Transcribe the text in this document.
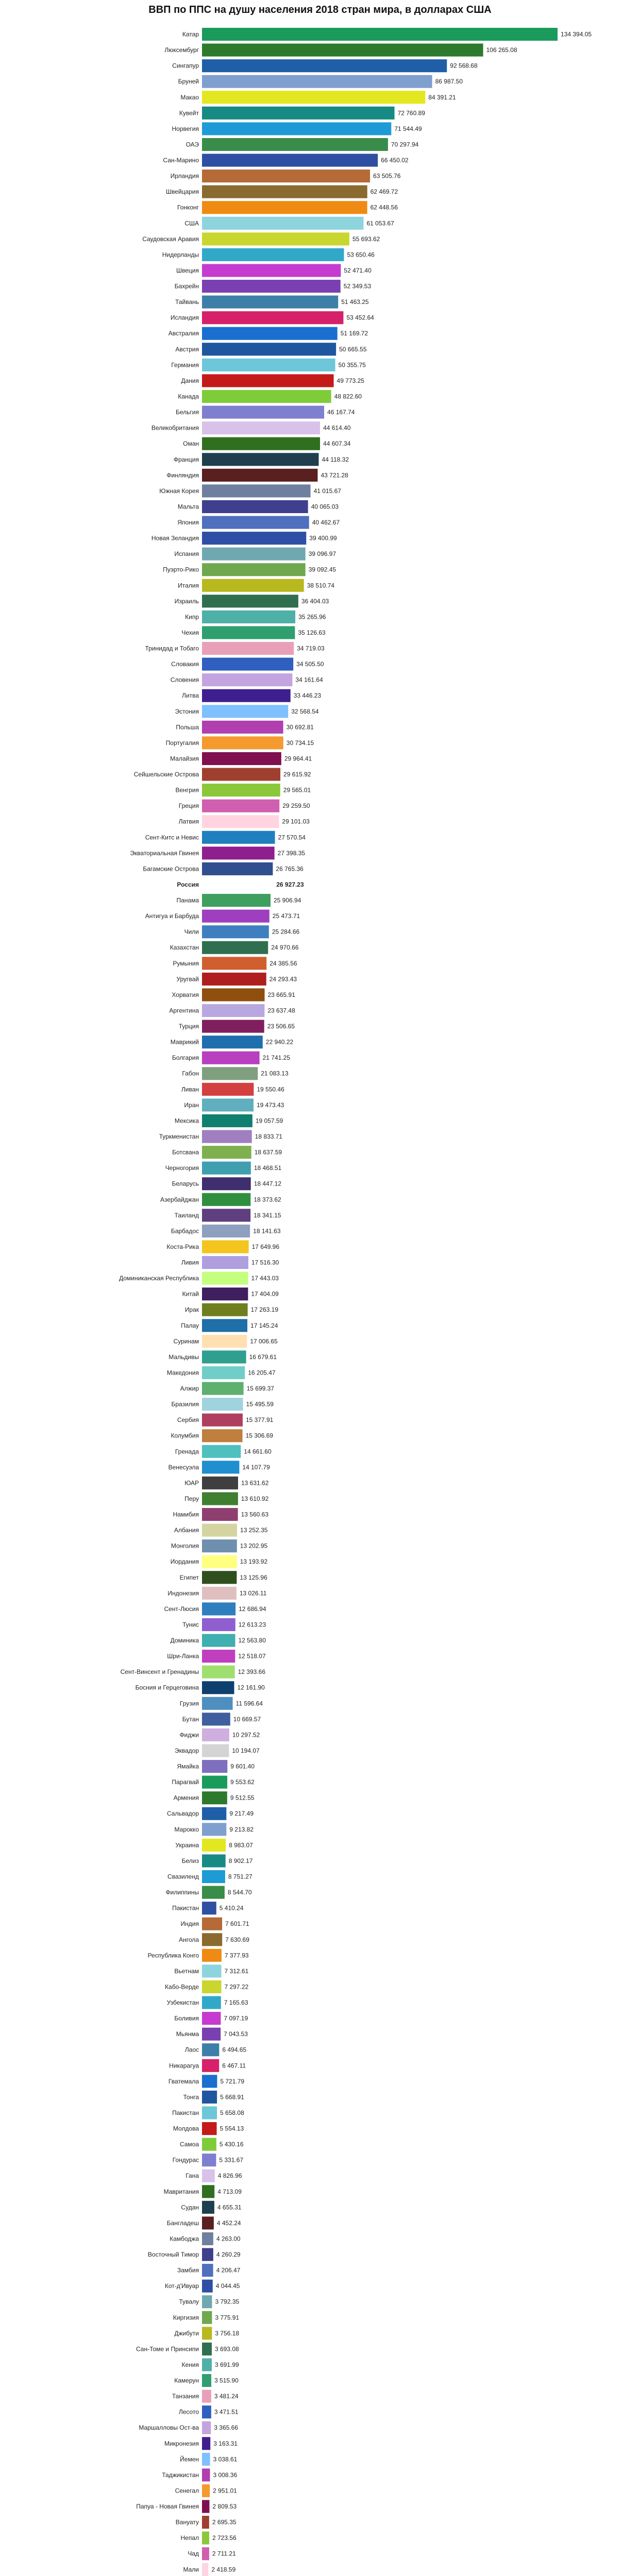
ВВП по ППС на душу населения 2018 стран мира, в долларах США
Катар	134 394.05
Люксембург	106 265.08
Сингапур	92 568.68
Бруней	86 987.50
Макао	84 391.21
Кувейт	72 760.89
Норвегия	71 544.49
ОАЭ	70 297.94
Сан-Марино	66 450.02
Ирландия	63 505.76
Швейцария	62 469.72
Гонконг	62 448.56
США	61 053.67
Саудовская Аравия	55 693.62
Нидерланды	53 650.46
Швеция	52 471.40
Бахрейн	52 349.53
Тайвань	51 463.25
Исландия	53 452.64
Австралия	51 169.72
Австрия	50 665.55
Германия	50 355.75
Дания	49 773.25
Канада	48 822.60
Бельгия	46 167.74
Великобритания	44 614.40
Оман	44 607.34
Франция	44 118.32
Финляндия	43 721.28
Южная Корея	41 015.67
Мальта	40 065.03
Япония	40 462.67
Новая Зеландия	39 400.99
Испания	39 096.97
Пуэрто-Рико	39 092.45
Италия	38 510.74
Израиль	36 404.03
Кипр	35 265.96
Чехия	35 126.63
Тринидад и Тобаго	34 719.03
Словакия	34 505.50
Словения	34 161.64
Литва	33 446.23
Эстония	32 568.54
Польша	30 692.81
Португалия	30 734.15
Малайзия	29 964.41
Сейшельские Острова	29 615.92
Венгрия	29 565.01
Греция	29 259.50
Латвия	29 101.03
Сент-Китс и Невис	27 570.54
Экваториальная Гвинея	27 398.35
Багамские Острова	26 765.36
Россия	26 927.23
Панама	25 906.94
Антигуа и Барбуда	25 473.71
Чили	25 284.66
Казахстан	24 970.66
Румыния	24 385.56
Уругвай	24 293.43
Хорватия	23 665.91
Аргентина	23 637.48
Турция	23 506.65
Маврикий	22 940.22
Болгария	21 741.25
Габон	21 083.13
Ливан	19 550.46
Иран	19 473.43
Мексика	19 057.59
Туркменистан	18 833.71
Ботсвана	18 637.59
Черногория	18 468.51
Беларусь	18 447.12
Азербайджан	18 373.62
Таиланд	18 341.15
Барбадос	18 141.63
Коста-Рика	17 649.96
Ливия	17 516.30
Доминиканская Республика	17 443.03
Китай	17 404.09
Ирак	17 263.19
Палау	17 145.24
Суринам	17 006.65
Мальдивы	16 679.61
Македония	16 205.47
Алжир	15 699.37
Бразилия	15 495.59
Сербия	15 377.91
Колумбия	15 306.69
Гренада	14 661.60
Венесуэла	14 107.79
ЮАР	13 631.62
Перу	13 610.92
Намибия	13 560.63
Албания	13 252.35
Монголия	13 202.95
Иордания	13 193.92
Египет	13 125.96
Индонезия	13 026.11
Сент-Люсия	12 686.94
Тунис	12 613.23
Доминика	12 563.80
Шри-Ланка	12 518.07
Сент-Винсент и Гренадины	12 393.66
Босния и Герцеговина	12 161.90
Грузия	11 596.64
Бутан	10 669.57
Фиджи	10 297.52
Эквадор	10 194.07
Ямайка	9 601.40
Парагвай	9 553.62
Армения	9 512.55
Сальвадор	9 217.49
Марокко	9 213.82
Украина	8 983.07
Белиз	8 902.17
Свазиленд	8 751.27
Филиппины	8 544.70
Пакистан	5 410.24
Индия	7 601.71
Ангола	7 630.69
Республика Конго	7 377.93
Вьетнам	7 312.61
Кабо-Верде	7 297.22
Узбекистан	7 165.63
Боливия	7 097.19
Мьянма	7 043.53
Лаос	6 494.65
Никарагуа	6 467.11
Гватемала	5 721.79
Тонга	5 668.91
Пакистан	5 658.08
Молдова	5 554.13
Самоа	5 430.16
Гондурас	5 331.67
Гана	4 826.96
Мавритания	4 713.09
Судан	4 655.31
Бангладеш	4 452.24
Камбоджа	4 263.00
Восточный Тимор	4 260.29
Замбия	4 206.47
Кот-д'Ивуар	4 044.45
Тувалу	3 792.35
Киргизия	3 775.91
Джибути	3 756.18
Сан-Томе и Принсипи	3 693.08
Кения	3 691.99
Камерун	3 515.90
Танзания 3 481.24
Лесото 3 471.51
Маршалловы Ост-ва 3 365.66
Микронезия 3 163.31
Йемен 3 038.61
Таджикистан 3 008.36
Сенегал 2 951.01
Папуа - Новая Гвинея 2 809.53
Вануату 2 695.35
Непал 2 723.56
Чад 2 711.21
Мали 2 418.59
